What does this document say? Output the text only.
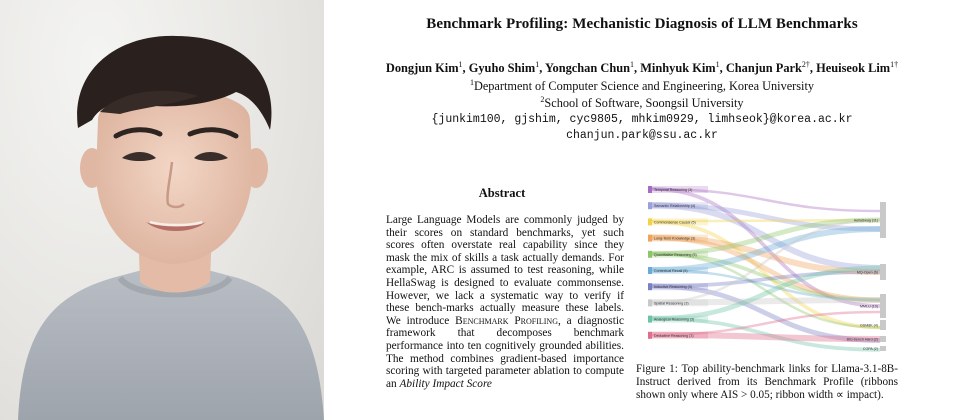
Benchmark Profiling: Mechanistic Diagnosis of LLM Benchmarks
Dongjun Kim$^1$, Gyuho Shim$^1$, Yongchan Chun$^1$, Minhyuk Kim$^1$, Chanjun Park$^{2\dagger}$, Heuiseok Lim$^{1\dagger}$
$^1$Department of Computer Science and Engineering, Korea University
$^2$School of Software, Soongsil University
{junkim100, gjshim, cyc9805, mhkim0929, limhseok}@korea.ac.kr
chanjun.park@ssu.ac.kr
Abstract
Large Language Models are commonly judged by their scores on standard benchmarks, yet such scores often overstate real capability since they mask the mix of skills a task actually demands. For example, ARC is assumed to test reasoning, while HellaSwag is designed to evaluate commonsense. However, we lack a systematic way to verify if these bench-marks actually measure these labels. We introduce Benchmark Profiling, a diagnostic framework that decomposes benchmark performance into ten cognitively grounded abilities. The method combines gradient-based importance scoring with targeted parameter ablation to compute an Ability Impact Score
Temporal Reasoning (3)
Semantic Relationship (4)
Commonsense Causal (5)
Long-Term Knowledge (3)
Quantitative Reasoning (5)
Contextual Recall (5)
Inductive Reasoning (3)
Spatial Reasoning (3)
Analogical Reasoning (3)
Deductive Reasoning (3)
HellaSwag (11)
MQ-Open (6)
MMLU (10)
GSM8K (4)
BIG-bench Hard (2)
COPA (2)
Figure 1: Top ability-benchmark links for Llama-3.1-8B-Instruct derived from its Benchmark Profile (ribbons shown only where AIS > 0.05; ribbon width ∝ impact).
